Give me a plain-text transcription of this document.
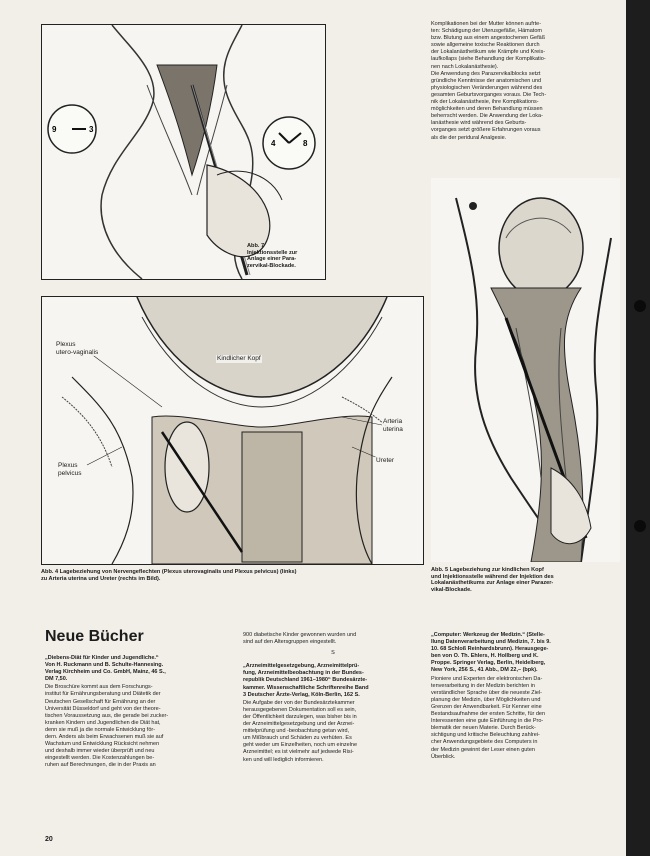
9	3
4	8
Abb. 7
Injektionsstelle zur
Anlage einer Para-
zervikal-Blockade.
Plexus
utero-vaginalis
Kindlicher Kopf
Arteria
uterina
Ureter
Plexus
pelvicus
Abb. 4 Lagebeziehung von Nervengeflechten (Plexus uterovaginalis und Plexus pelvicus) (links)
zu Arteria uterina und Ureter (rechts im Bild).
Komplikationen bei der Mutter können aufrte-
ten: Schädigung der Uterusgefäße, Hämatom
bzw. Blutung aus einem angestochenen Gefäß
sowie allgemeine toxische Reaktionen durch
der Lokalanästhetikum wie Krämpfe und Kreis-
laufkollaps (siehe Behandlung der Komplikatio-
nen nach Lokalanästhesie).
Die Anwendung des Parazervikalblocks setzt
gründliche Kenntnisse der anatomischen und
physiologischen Veränderungen während des
gesamten Geburtsvorganges voraus. Die Tech-
nik der Lokalanästhesie, ihre Komplikations-
möglichkeiten und deren Behandlung müssen
beherrscht werden. Die Anwendung der Loka-
lanästhesie wird während des Geburts-
vorganges setzt größere Erfahrungen voraus
als die der peridural Analgesie.
Abb. 5 Lagebeziehung zur kindlichen Kopf
und Injektionsstelle während der Injektion des
Lokalanästhetikums zur Anlage einer Parazer-
vikal-Blockade.
Neue Bücher

„Diebens-Diät für Kinder und Jugendliche.“
Von H. Ruckmann und B. Schulte-Hannesing.
Verlag Kirchheim und Co. GmbH, Mainz, 46 S.,
DM 7,50.

Die Broschüre kommt aus dem Forschungs-
institut für Ernährungsberatung und Diätetik der
Deutschen Gesellschaft für Ernährung an der
Universität Düsseldorf und geht von der theore-
tischen Voraussetzung aus, die gerade bei zucker-
kranken Kindern und Jugendlichen die Diät hat,
denn sie muß ja die normale Entwicklung för-
dern. Anders als beim Erwachsenen muß sie auf
Wachstum und Entwicklung Rücksicht nehmen
und deshalb immer wieder überprüft und neu
eingestellt werden. Die Kostenzahlungen be-
ruhen auf Berechnungen, die in der Praxis an

900 diabetische Kinder gewonnen wurden und
sind auf den Altersgruppen eingestellt.

S

„Arzneimittelgesetzgebung, Arzneimittelprü-
fung, Arzneimittelbeobachtung in der Bundes-
republik Deutschland 1961–1980“ Bundesärzte-
kammer. Wissenschaftliche Schriftenreihe Band
3 Deutscher Ärzte-Verlag, Köln-Berlin, 162 S.

Die Aufgabe der von der Bundesärztekammer
herausgegebenen Dokumentation soll es sein,
der Öffentlichkeit darzulegen, was bisher bis in
der Arzneimittelgesetzgebung und der Arznei-
mittelprüfung und -beobachtung getan wird,
um Mißbrauch und Schäden zu verhüten. Es
geht weder um Einzelheiten, noch um einzelne
Arzneimittel; es ist vielmehr auf jedwede Risi-
ken und will lediglich informieren.

„Computer: Werkzeug der Medizin.“ (Stelle-
llung Datenverarbeitung und Medizin, 7. bis 9.
10. 68 Schloß Reinhardsbrunn). Herausgege-
ben von O. Th. Ehlers, H. Hollberg und K.
Proppe. Springer Verlag, Berlin, Heidelberg,
New York, 256 S., 41 Abb., DM 22,– (bpk).

Pioniere und Experten der elektronischen Da-
tenverarbeitung in der Medizin berichten in
verständlicher Sprache über die neueste Ziel-
planung der Medizin, über Möglichkeiten und
Grenzen der Anwendbarkeit. Für Kenner eine
Bestandsaufnahme der ersten Schritte, für den
Interessenten eine gute Einführung in die Pro-
blematik der neuen Materie. Durch Berück-
sichtigung und kritische Beleuchtung zahlrei-
cher Anwendungsgebiete des Computers in
der Medizin gewinnt der Leser einen guten
Überblick.

20
